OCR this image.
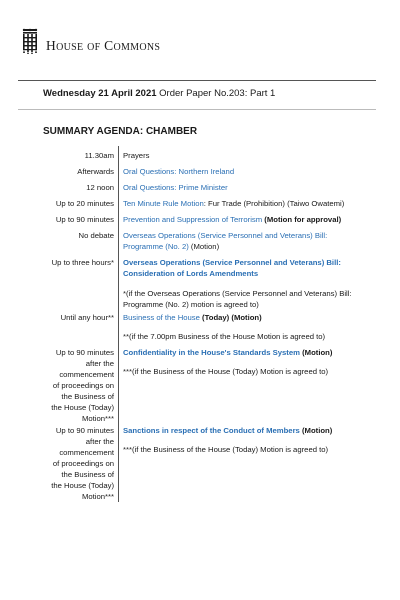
HOUSE OF COMMONS
Wednesday 21 April 2021 Order Paper No.203: Part 1
SUMMARY AGENDA: CHAMBER
11.30am Prayers
Afterwards Oral Questions: Northern Ireland
12 noon Oral Questions: Prime Minister
Up to 20 minutes Ten Minute Rule Motion: Fur Trade (Prohibition) (Taiwo Owatemi)
Up to 90 minutes Prevention and Suppression of Terrorism (Motion for approval)
No debate Overseas Operations (Service Personnel and Veterans) Bill:
Programme (No. 2) (Motion)
Up to three hours* Overseas Operations (Service Personnel and Veterans) Bill:
Consideration of Lords Amendments
*(if the Overseas Operations (Service Personnel and Veterans) Bill:
Programme (No. 2) motion is agreed to)
Until any hour** Business of the House (Today) (Motion)
**(if the 7.00pm Business of the House Motion is agreed to)
Up to 90 minutes
after the
commencement
of proceedings on
the Business of
the House (Today)
Motion***
Confidentiality in the House's Standards System (Motion)
***(if the Business of the House (Today) Motion is agreed to)
Up to 90 minutes
after the
commencement
of proceedings on
the Business of
the House (Today)
Motion***
Sanctions in respect of the Conduct of Members (Motion)
***(if the Business of the House (Today) Motion is agreed to)
